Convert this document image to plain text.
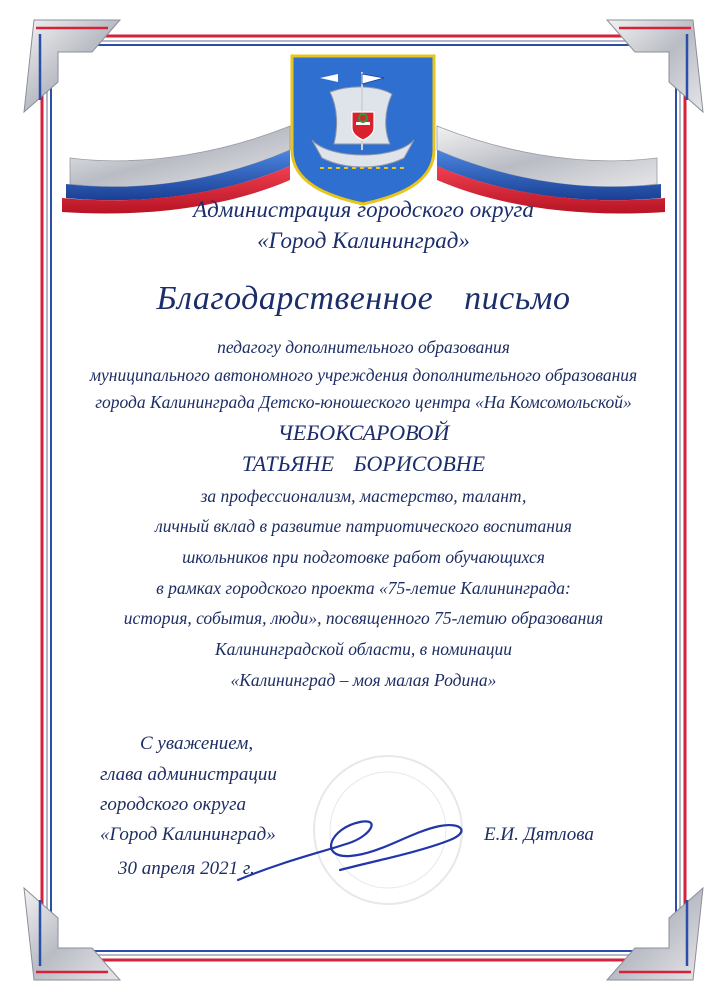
Администрация городского округа
«Город Калининград»
Благодарственное письмо
педагогу дополнительного образования
муниципального автономного учреждения дополнительного образования
города Калининграда Детско-юношеского центра «На Комсомольской»
ЧЕБОКСАРОВОЙ
ТАТЬЯНЕ БОРИСОВНЕ
за профессионализм, мастерство, талант,
личный вклад в развитие патриотического воспитания
школьников при подготовке работ обучающихся
в рамках городского проекта «75-летие Калининграда:
история, события, люди», посвященного 75-летию образования
Калининградской области, в номинации
«Калининград – моя малая Родина»
С уважением,
глава администрации
городского округа
«Город Калининград»	Е.И. Дятлова
30 апреля 2021 г.
